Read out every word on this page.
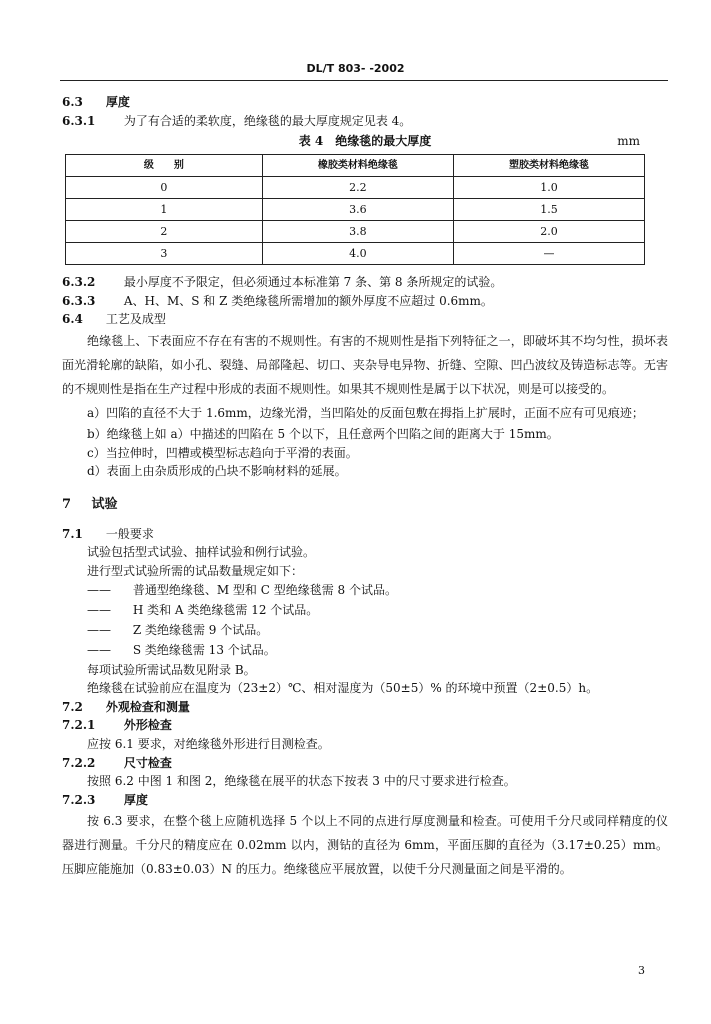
DL/T 803- -2002
6.3 厚度
6.3.1 为了有合适的柔软度，绝缘毯的最大厚度规定见表 4。
表 4　绝缘毯的最大厚度	mm
级　　别	橡胶类材料绝缘毯	塑胶类材料绝缘毯
0	2.2	1.0
1	3.6	1.5
2	3.8	2.0
3	4.0	—
6.3.2 最小厚度不予限定，但必须通过本标准第 7 条、第 8 条所规定的试验。
6.3.3 A、H、M、S 和 Z 类绝缘毯所需增加的额外厚度不应超过 0.6mm。
6.4 工艺及成型
绝缘毯上、下表面应不存在有害的不规则性。有害的不规则性是指下列特征之一，即破坏其不均匀性，损坏表面光滑轮廓的缺陷，如小孔、裂缝、局部隆起、切口、夹杂导电异物、折缝、空隙、凹凸波纹及铸造标志等。无害的不规则性是指在生产过程中形成的表面不规则性。如果其不规则性是属于以下状况，则是可以接受的。
a）凹陷的直径不大于 1.6mm，边缘光滑，当凹陷处的反面包敷在拇指上扩展时，正面不应有可见痕迹；
b）绝缘毯上如 a）中描述的凹陷在 5 个以下，且任意两个凹陷之间的距离大于 15mm。
c）当拉伸时，凹槽或模型标志趋向于平滑的表面。
d）表面上由杂质形成的凸块不影响材料的延展。
7 试验
7.1 一般要求
试验包括型式试验、抽样试验和例行试验。
进行型式试验所需的试品数量规定如下：
—— 普通型绝缘毯、M 型和 C 型绝缘毯需 8 个试品。
—— H 类和 A 类绝缘毯需 12 个试品。
—— Z 类绝缘毯需 9 个试品。
—— S 类绝缘毯需 13 个试品。
每项试验所需试品数见附录 B。
绝缘毯在试验前应在温度为（23±2）℃、相对湿度为（50±5）% 的环境中预置（2±0.5）h。
7.2 外观检查和测量
7.2.1 外形检查
应按 6.1 要求，对绝缘毯外形进行目测检查。
7.2.2 尺寸检查
按照 6.2 中图 1 和图 2，绝缘毯在展平的状态下按表 3 中的尺寸要求进行检查。
7.2.3 厚度
按 6.3 要求，在整个毯上应随机选择 5 个以上不同的点进行厚度测量和检查。可使用千分尺或同样精度的仪器进行测量。千分尺的精度应在 0.02mm 以内，测钻的直径为 6mm，平面压脚的直径为（3.17±0.25）mm。压脚应能施加（0.83±0.03）N 的压力。绝缘毯应平展放置，以使千分尺测量面之间是平滑的。
3
